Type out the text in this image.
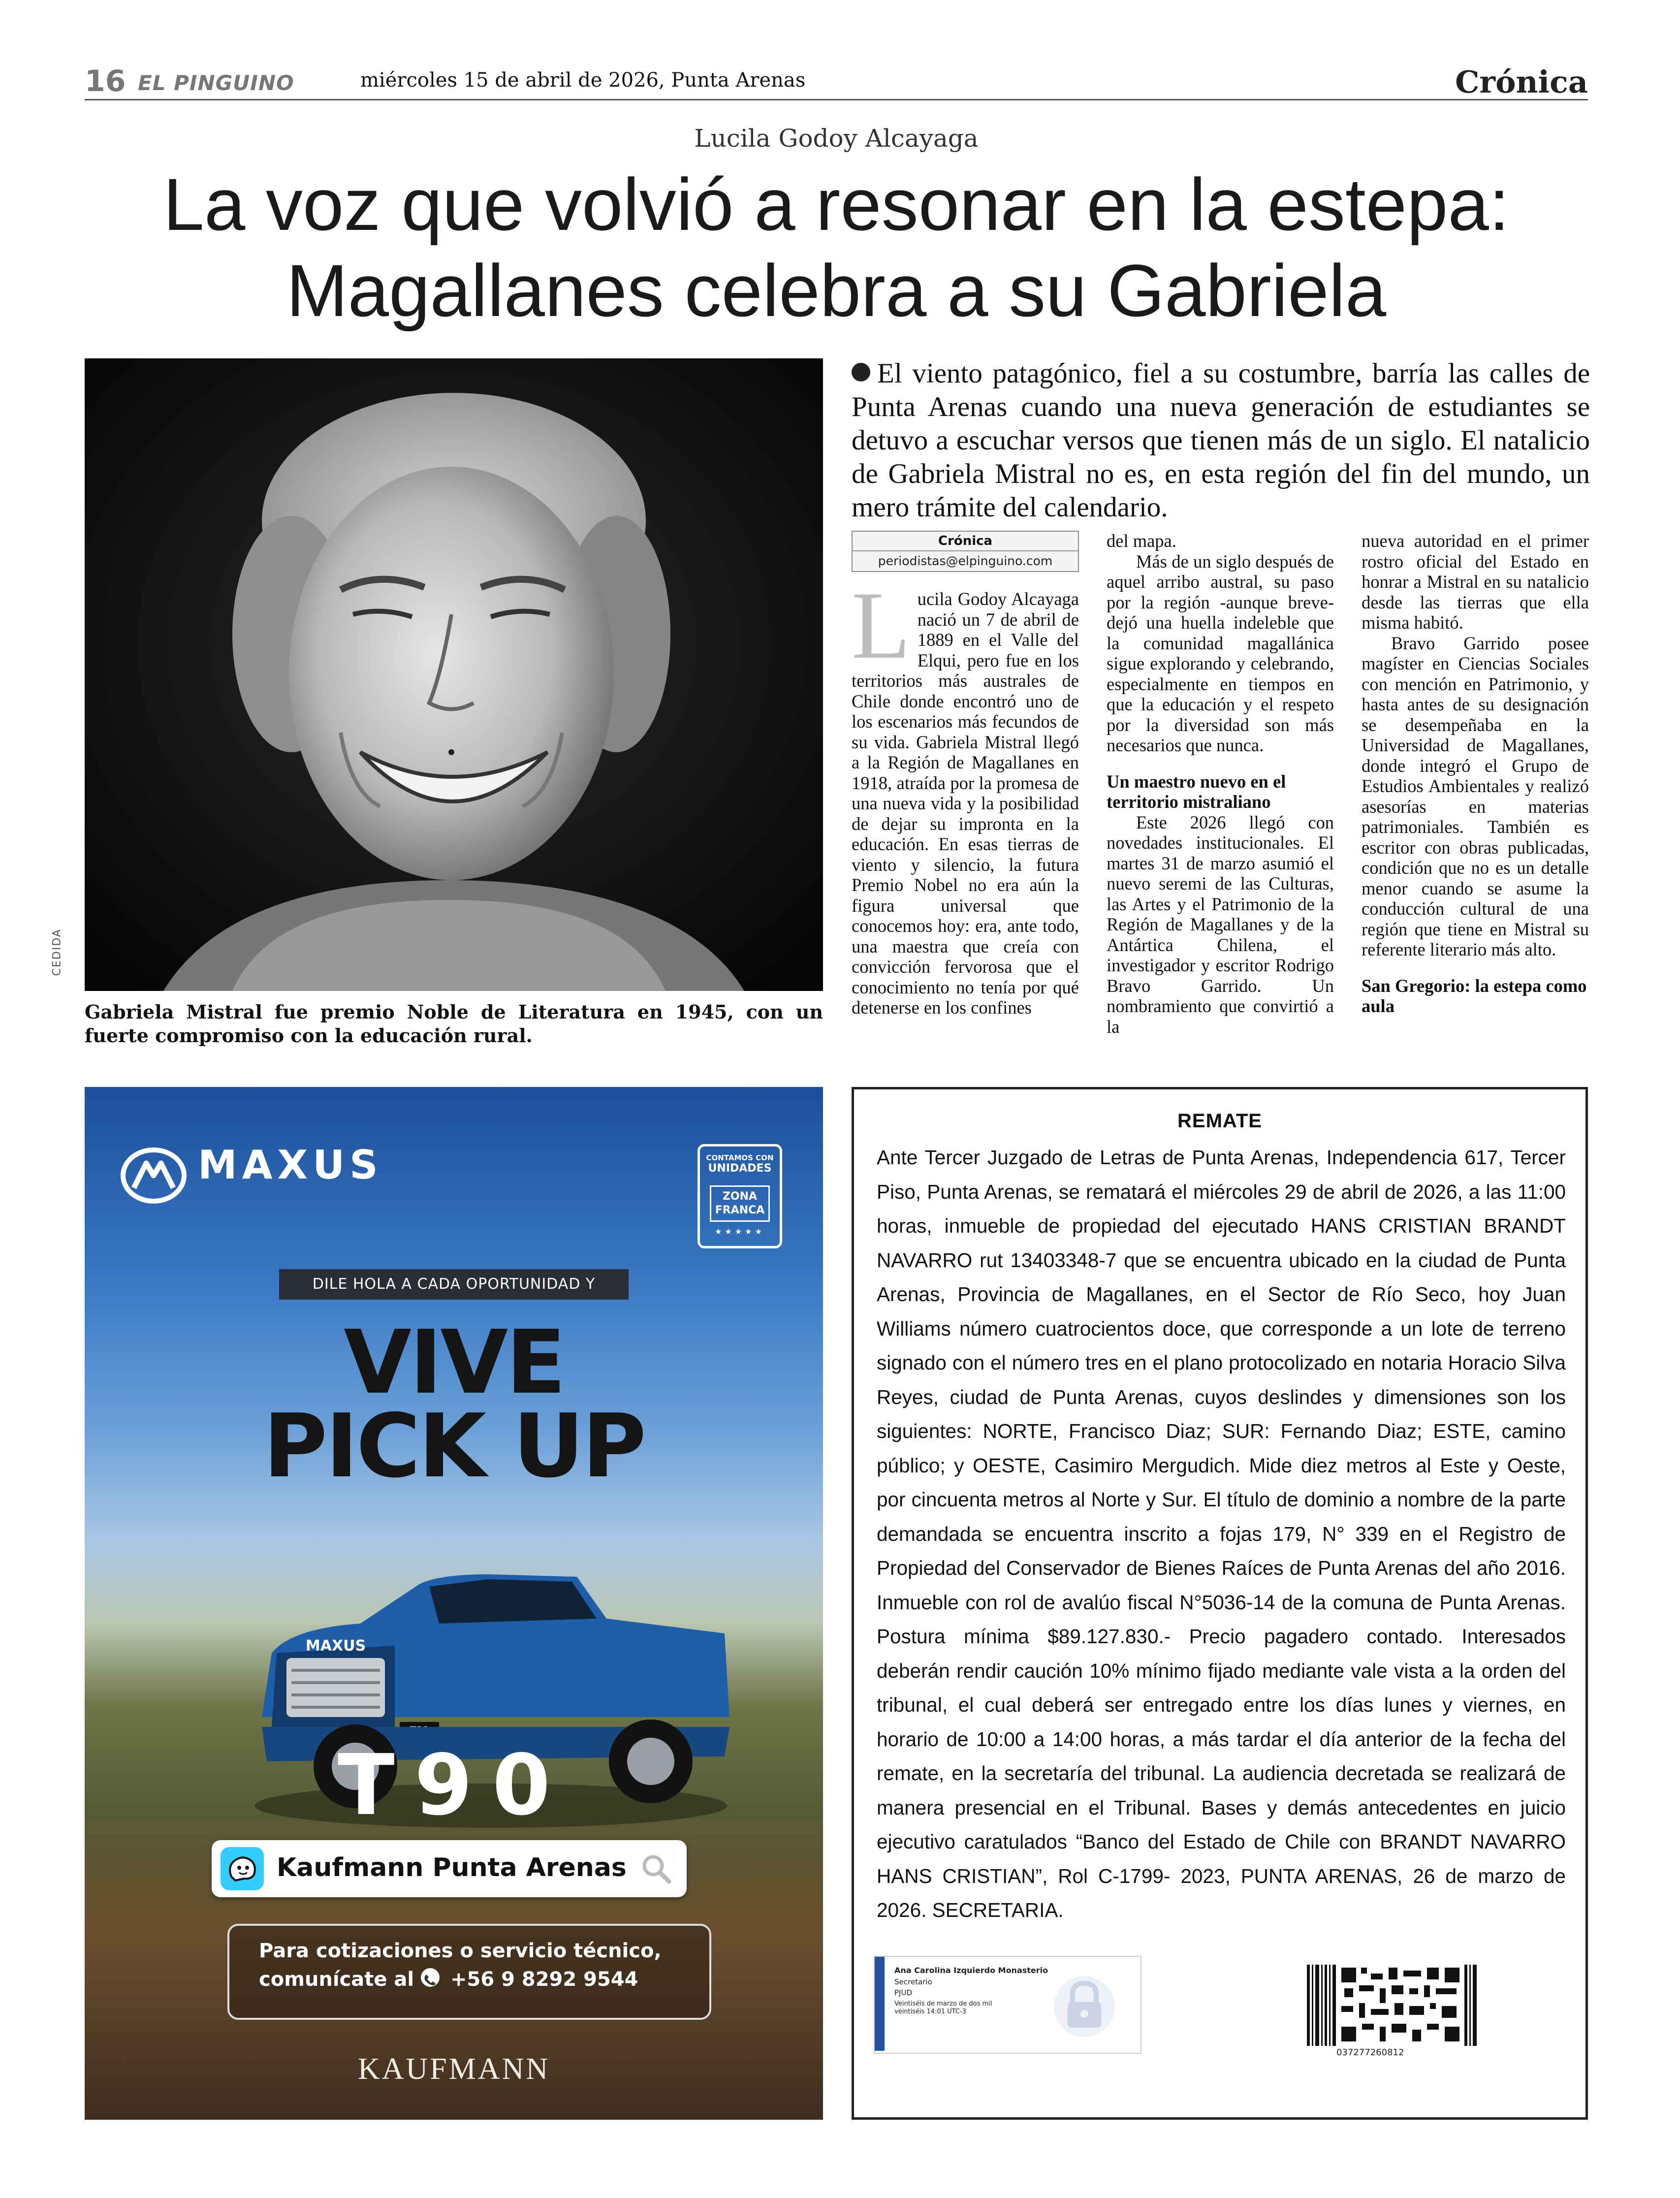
16 EL PINGUINO	miércoles 15 de abril de 2026, Punta Arenas	Crónica
Lucila Godoy Alcayaga
La voz que volvió a resonar en la estepa:
Magallanes celebra a su Gabriela
CEDIDA
Gabriela Mistral fue premio Noble de Literatura en 1945, con un fuerte compromiso con la educación rural.
El viento patagónico, fiel a su costumbre, barría las calles de Punta Arenas cuando una nueva generación de estudiantes se detuvo a escuchar versos que tienen más de un siglo. El natalicio de Gabriela Mistral no es, en esta región del fin del mundo, un mero trámite del calendario.
Crónica
periodistas@elpinguino.com
L ucila Godoy Alcayaga nació un 7 de abril de 1889 en el Valle del Elqui, pero fue en los territorios más australes de Chile donde encontró uno de los escenarios más fecundos de su vida. Gabriela Mistral llegó a la Región de Magallanes en 1918, atraída por la promesa de una nueva vida y la posibilidad de dejar su impronta en la educación. En esas tierras de viento y silencio, la futura Premio Nobel no era aún la figura universal que conocemos hoy: era, ante todo, una maestra que creía con convicción fervorosa que el conocimiento no tenía por qué detenerse en los confines

del mapa.

Más de un siglo después de aquel arribo austral, su paso por la región -aunque breve- dejó una huella indeleble que la comunidad magallánica sigue explorando y celebrando, especialmente en tiempos en que la educación y el respeto por la diversidad son más necesarios que nunca.

Un maestro nuevo en el territorio mistraliano

Este 2026 llegó con novedades institucionales. El martes 31 de marzo asumió el nuevo seremi de las Culturas, las Artes y el Patrimonio de la Región de Magallanes y de la Antártica Chilena, el investigador y escritor Rodrigo Bravo Garrido. Un nombramiento que convirtió a la

nueva autoridad en el primer rostro oficial del Estado en honrar a Mistral en su natalicio desde las tierras que ella misma habitó.

Bravo Garrido posee magíster en Ciencias Sociales con mención en Patrimonio, y hasta antes de su designación se desempeñaba en la Universidad de Magallanes, donde integró el Grupo de Estudios Ambientales y realizó asesorías en materias patrimoniales. También es escritor con obras publicadas, condición que no es un detalle menor cuando se asume la conducción cultural de una región que tiene en Mistral su referente literario más alto.

San Gregorio: la estepa como aula
MAXUS	CONTAMOS CON
UNIDADES
ZONA
FRANCA
★★★★★
DILE HOLA A CADA OPORTUNIDAD Y
VIVE
PICK UP
MAXUS
T90
Kaufmann Punta Arenas
Para cotizaciones o servicio técnico,
comunícate al +56 9 8292 9544
KAUFMANN
REMATE
Ante Tercer Juzgado de Letras de Punta Arenas, Independencia 617, Tercer Piso, Punta Arenas, se rematará el miércoles 29 de abril de 2026, a las 11:00 horas, inmueble de propiedad del ejecutado HANS CRISTIAN BRANDT NAVARRO rut 13403348-7 que se encuentra ubicado en la ciudad de Punta Arenas, Provincia de Magallanes, en el Sector de Río Seco, hoy Juan Williams número cuatrocientos doce, que corresponde a un lote de terreno signado con el número tres en el plano protocolizado en notaria Horacio Silva Reyes, ciudad de Punta Arenas, cuyos deslindes y dimensiones son los siguientes: NORTE, Francisco Diaz; SUR: Fernando Diaz; ESTE, camino público; y OESTE, Casimiro Mergudich. Mide diez metros al Este y Oeste, por cincuenta metros al Norte y Sur. El título de dominio a nombre de la parte demandada se encuentra inscrito a fojas 179, N° 339 en el Registro de Propiedad del Conservador de Bienes Raíces de Punta Arenas del año 2016. Inmueble con rol de avalúo fiscal N°5036-14 de la comuna de Punta Arenas. Postura mínima $89.127.830.- Precio pagadero contado. Interesados deberán rendir caución 10% mínimo fijado mediante vale vista a la orden del tribunal, el cual deberá ser entregado entre los días lunes y viernes, en horario de 10:00 a 14:00 horas, a más tardar el día anterior de la fecha del remate, en la secretaría del tribunal. La audiencia decretada se realizará de manera presencial en el Tribunal. Bases y demás antecedentes en juicio ejecutivo caratulados “Banco del Estado de Chile con BRANDT NAVARRO HANS CRISTIAN”, Rol C-1799- 2023, PUNTA ARENAS, 26 de marzo de 2026. SECRETARIA.
Ana Carolina Izquierdo Monasterio
Secretario
PJUD
Veintiséis de marzo de dos mil veintiséis 14:01 UTC-3
037277260812
